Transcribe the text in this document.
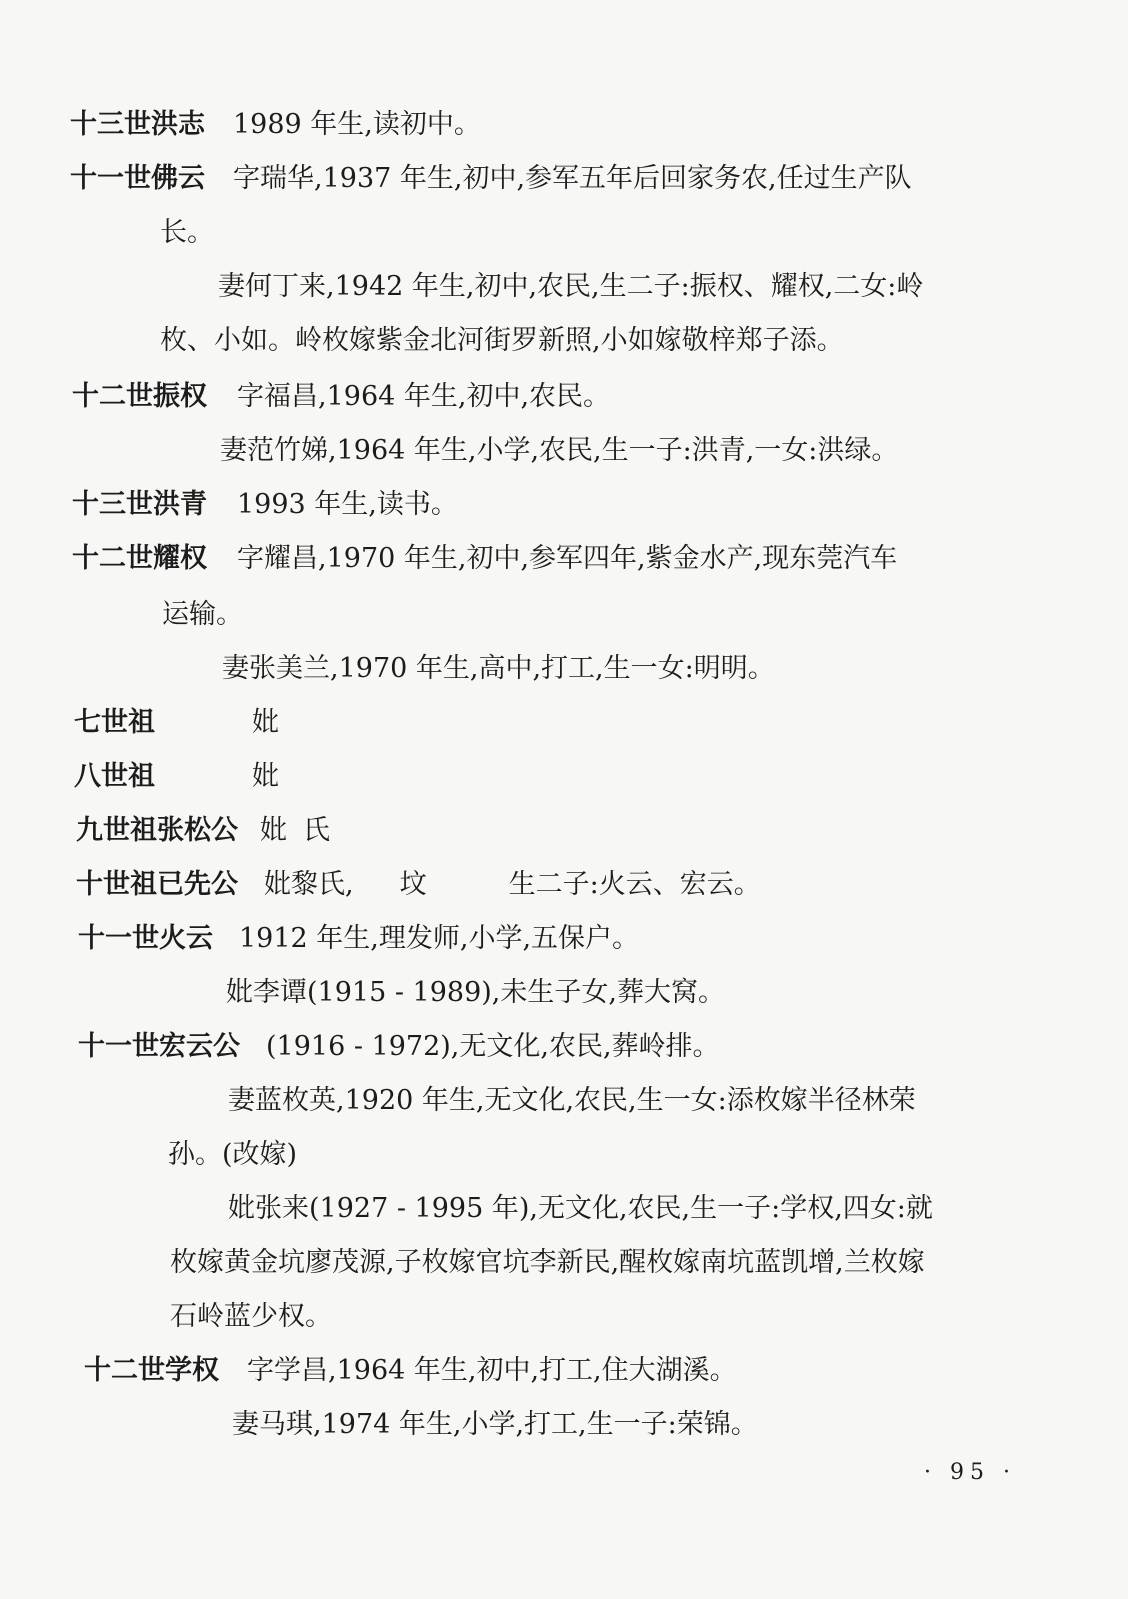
十三世洪志 1989 年生,读初中。
十一世佛云 字瑞华,1937 年生,初中,参军五年后回家务农,任过生产队
长。
妻何丁来,1942 年生,初中,农民,生二子:振权、耀权,二女:岭
枚、小如。岭枚嫁紫金北河街罗新照,小如嫁敬梓郑子添。
十二世振权 字福昌,1964 年生,初中,农民。
妻范竹娣,1964 年生,小学,农民,生一子:洪青,一女:洪绿。
十三世洪青 1993 年生,读书。
十二世耀权 字耀昌,1970 年生,初中,参军四年,紫金水产,现东莞汽车
运输。
妻张美兰,1970 年生,高中,打工,生一女:明明。
七世祖	妣
八世祖	妣
九世祖张松公 妣 氏
十世祖已先公 妣黎氏, 坟	生二子:火云、宏云。
十一世火云 1912 年生,理发师,小学,五保户。
妣李谭(1915 - 1989),未生子女,葬大窝。
十一世宏云公 (1916 - 1972),无文化,农民,葬岭排。
妻蓝枚英,1920 年生,无文化,农民,生一女:添枚嫁半径林荣
孙。(改嫁)
妣张来(1927 - 1995 年),无文化,农民,生一子:学权,四女:就
枚嫁黄金坑廖茂源,子枚嫁官坑李新民,醒枚嫁南坑蓝凯增,兰枚嫁
石岭蓝少权。
十二世学权 字学昌,1964 年生,初中,打工,住大湖溪。
妻马琪,1974 年生,小学,打工,生一子:荣锦。
· 95 ·
